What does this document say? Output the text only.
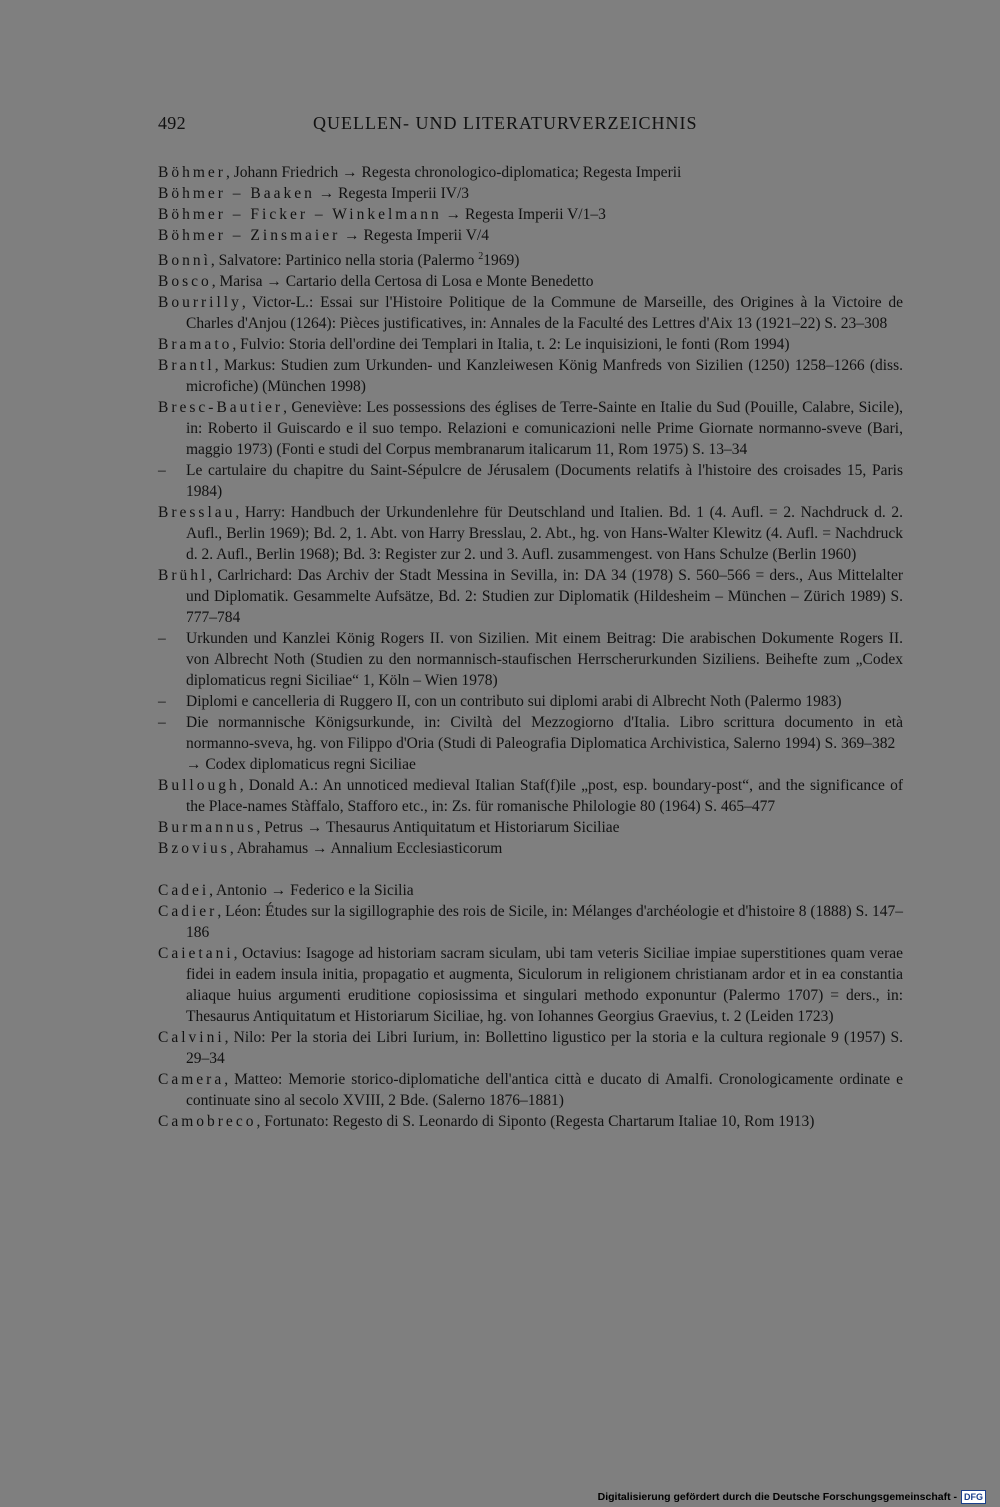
492	QUELLEN- UND LITERATURVERZEICHNIS
Böhmer, Johann Friedrich → Regesta chronologico-diplomatica; Regesta Imperii
Böhmer – Baaken → Regesta Imperii IV/3
Böhmer – Ficker – Winkelmann → Regesta Imperii V/1–3
Böhmer – Zinsmaier → Regesta Imperii V/4
Bonnì, Salvatore: Partinico nella storia (Palermo $^2$1969)
Bosco, Marisa → Cartario della Certosa di Losa e Monte Benedetto
Bourrilly, Victor-L.: Essai sur l'Histoire Politique de la Commune de Marseille, des Origines à la Victoire de Charles d'Anjou (1264): Pièces justificatives, in: Annales de la Faculté des Lettres d'Aix 13 (1921–22) S. 23–308
Bramato, Fulvio: Storia dell'ordine dei Templari in Italia, t. 2: Le inquisizioni, le fonti (Rom 1994)
Brantl, Markus: Studien zum Urkunden- und Kanzleiwesen König Manfreds von Sizilien (1250) 1258–1266 (diss. microfiche) (München 1998)
Bresc-Bautier, Geneviève: Les possessions des églises de Terre-Sainte en Italie du Sud (Pouille, Calabre, Sicile), in: Roberto il Guiscardo e il suo tempo. Relazioni e comunicazioni nelle Prime Giornate normanno-sveve (Bari, maggio 1973) (Fonti e studi del Corpus membranarum italicarum 11, Rom 1975) S. 13–34
– Le cartulaire du chapitre du Saint-Sépulcre de Jérusalem (Documents relatifs à l'histoire des croisades 15, Paris 1984)
Bresslau, Harry: Handbuch der Urkundenlehre für Deutschland und Italien. Bd. 1 (4. Aufl. = 2. Nachdruck d. 2. Aufl., Berlin 1969); Bd. 2, 1. Abt. von Harry Bresslau, 2. Abt., hg. von Hans-Walter Klewitz (4. Aufl. = Nachdruck d. 2. Aufl., Berlin 1968); Bd. 3: Register zur 2. und 3. Aufl. zusammengest. von Hans Schulze (Berlin 1960)
Brühl, Carlrichard: Das Archiv der Stadt Messina in Sevilla, in: DA 34 (1978) S. 560–566 = ders., Aus Mittelalter und Diplomatik. Gesammelte Aufsätze, Bd. 2: Studien zur Diplomatik (Hildesheim – München – Zürich 1989) S. 777–784
– Urkunden und Kanzlei König Rogers II. von Sizilien. Mit einem Beitrag: Die arabischen Dokumente Rogers II. von Albrecht Noth (Studien zu den normannisch-staufischen Herrscherurkunden Siziliens. Beihefte zum „Codex diplomaticus regni Siciliae“ 1, Köln – Wien 1978)
– Diplomi e cancelleria di Ruggero II, con un contributo sui diplomi arabi di Albrecht Noth (Palermo 1983)
– Die normannische Königsurkunde, in: Civiltà del Mezzogiorno d'Italia. Libro scrittura documento in età normanno-sveva, hg. von Filippo d'Oria (Studi di Paleografia Diplomatica Archivistica, Salerno 1994) S. 369–382
→ Codex diplomaticus regni Siciliae
Bullough, Donald A.: An unnoticed medieval Italian Staf(f)ile „post, esp. boundary-post“, and the significance of the Place-names Stàffalo, Stafforo etc., in: Zs. für romanische Philologie 80 (1964) S. 465–477
Burmannus, Petrus → Thesaurus Antiquitatum et Historiarum Siciliae
Bzovius, Abrahamus → Annalium Ecclesiasticorum
Cadei, Antonio → Federico e la Sicilia
Cadier, Léon: Études sur la sigillographie des rois de Sicile, in: Mélanges d'archéologie et d'histoire 8 (1888) S. 147–186
Caietani, Octavius: Isagoge ad historiam sacram siculam, ubi tam veteris Siciliae impiae superstitiones quam verae fidei in eadem insula initia, propagatio et augmenta, Siculorum in religionem christianam ardor et in ea constantia aliaque huius argumenti eruditione copiosissima et singulari methodo exponuntur (Palermo 1707) = ders., in: Thesaurus Antiquitatum et Historiarum Siciliae, hg. von Iohannes Georgius Graevius, t. 2 (Leiden 1723)
Calvini, Nilo: Per la storia dei Libri Iurium, in: Bollettino ligustico per la storia e la cultura regionale 9 (1957) S. 29–34
Camera, Matteo: Memorie storico-diplomatiche dell'antica città e ducato di Amalfi. Cronologicamente ordinate e continuate sino al secolo XVIII, 2 Bde. (Salerno 1876–1881)
Camobreco, Fortunato: Regesto di S. Leonardo di Siponto (Regesta Chartarum Italiae 10, Rom 1913)
Digitalisierung gefördert durch die Deutsche Forschungsgemeinschaft - DFG
